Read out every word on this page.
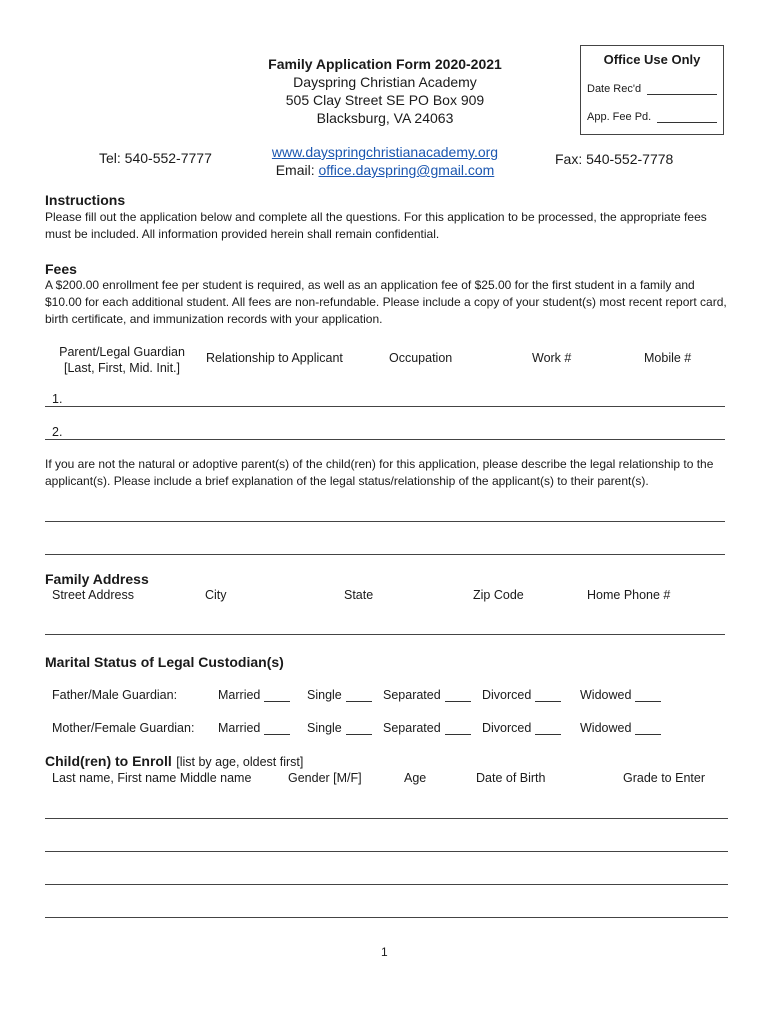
Family Application Form 2020-2021
Dayspring Christian Academy
505 Clay Street SE PO Box 909
Blacksburg, VA 24063
www.dayspringchristianacademy.org
Email: office.dayspring@gmail.com
Tel: 540-552-7777	Fax: 540-552-7778
Office Use Only
Date Rec'd
App. Fee Pd.
Instructions
Please fill out the application below and complete all the questions. For this application to be processed, the appropriate fees must be included. All information provided herein shall remain confidential.
Fees
A $200.00 enrollment fee per student is required, as well as an application fee of $25.00 for the first student in a family and $10.00 for each additional student. All fees are non-refundable. Please include a copy of your student(s) most recent report card, birth certificate, and immunization records with your application.
Parent/Legal Guardian
[Last, First, Mid. Init.]
Relationship to Applicant	Occupation	Work #	Mobile #
1.
2.
If you are not the natural or adoptive parent(s) of the child(ren) for this application, please describe the legal relationship to the applicant(s). Please include a brief explanation of the legal status/relationship of the applicant(s) to their parent(s).
Family Address
Street Address	City	State	Zip Code	Home Phone #
Marital Status of Legal Custodian(s)
Father/Male Guardian:	Married	Single	Separated	Divorced	Widowed
Mother/Female Guardian: Married	Single	Separated	Divorced	Widowed
Child(ren) to Enroll [list by age, oldest first]
Last name, First name Middle name	Gender [M/F]	Age	Date of Birth	Grade to Enter
1
